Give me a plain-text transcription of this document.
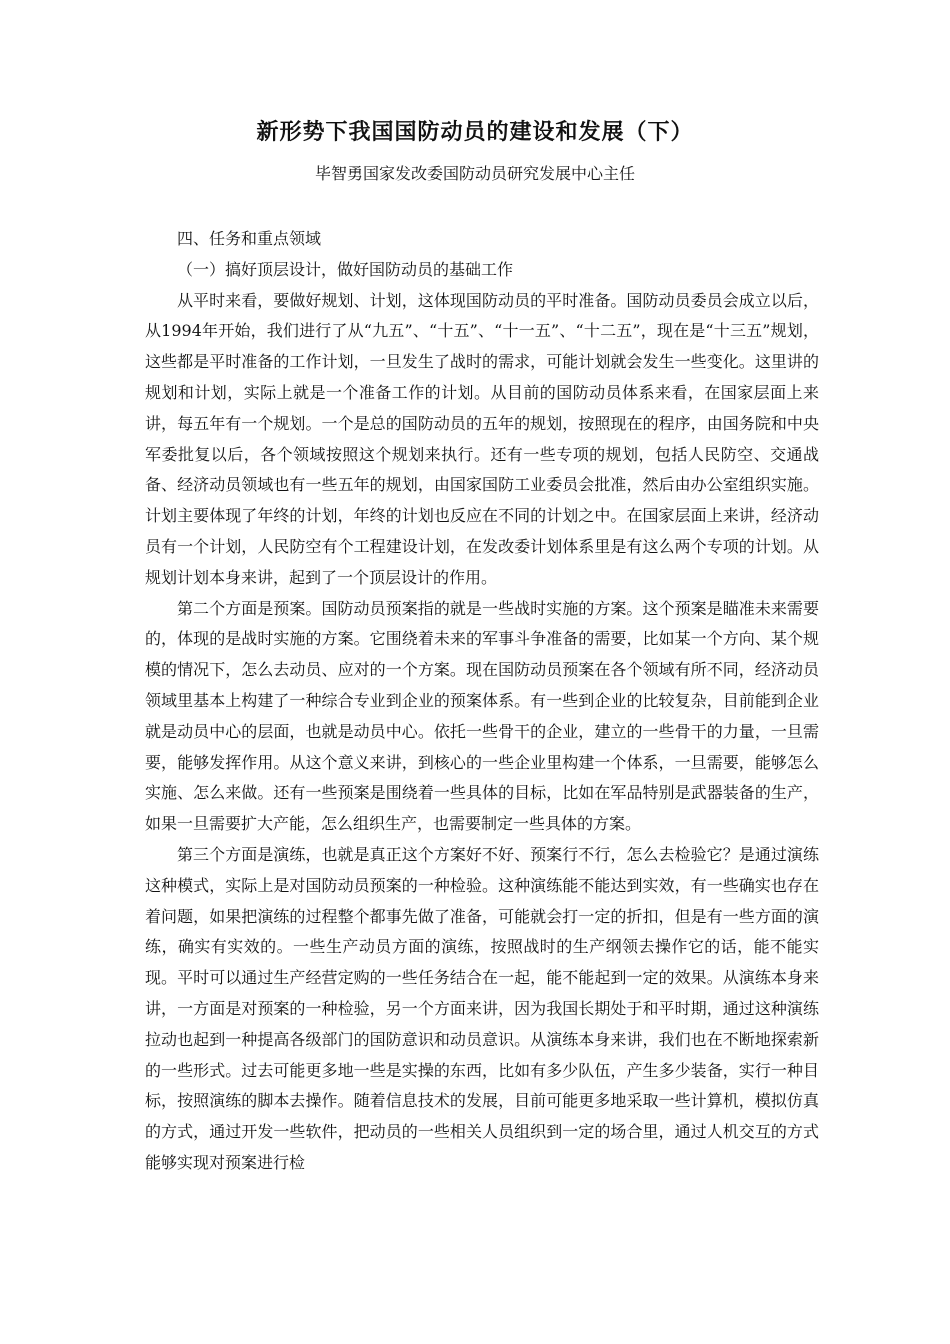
新形势下我国国防动员的建设和发展（下）

毕智勇国家发改委国防动员研究发展中心主任

四、任务和重点领域

（一）搞好顶层设计，做好国防动员的基础工作

从平时来看，要做好规划、计划，这体现国防动员的平时准备。国防动员委员会成立以后，从1994年开始，我们进行了从“九五”、“十五”、“十一五”、“十二五”，现在是“十三五”规划，这些都是平时准备的工作计划，一旦发生了战时的需求，可能计划就会发生一些变化。这里讲的规划和计划，实际上就是一个准备工作的计划。从目前的国防动员体系来看，在国家层面上来讲，每五年有一个规划。一个是总的国防动员的五年的规划，按照现在的程序，由国务院和中央军委批复以后，各个领域按照这个规划来执行。还有一些专项的规划，包括人民防空、交通战备、经济动员领域也有一些五年的规划，由国家国防工业委员会批准，然后由办公室组织实施。计划主要体现了年终的计划，年终的计划也反应在不同的计划之中。在国家层面上来讲，经济动员有一个计划，人民防空有个工程建设计划，在发改委计划体系里是有这么两个专项的计划。从规划计划本身来讲，起到了一个顶层设计的作用。

第二个方面是预案。国防动员预案指的就是一些战时实施的方案。这个预案是瞄准未来需要的，体现的是战时实施的方案。它围绕着未来的军事斗争准备的需要，比如某一个方向、某个规模的情况下，怎么去动员、应对的一个方案。现在国防动员预案在各个领域有所不同，经济动员领域里基本上构建了一种综合专业到企业的预案体系。有一些到企业的比较复杂，目前能到企业就是动员中心的层面，也就是动员中心。依托一些骨干的企业，建立的一些骨干的力量，一旦需要，能够发挥作用。从这个意义来讲，到核心的一些企业里构建一个体系，一旦需要，能够怎么实施、怎么来做。还有一些预案是围绕着一些具体的目标，比如在军品特别是武器装备的生产，如果一旦需要扩大产能，怎么组织生产，也需要制定一些具体的方案。

第三个方面是演练，也就是真正这个方案好不好、预案行不行，怎么去检验它？是通过演练这种模式，实际上是对国防动员预案的一种检验。这种演练能不能达到实效，有一些确实也存在着问题，如果把演练的过程整个都事先做了准备，可能就会打一定的折扣，但是有一些方面的演练，确实有实效的。一些生产动员方面的演练，按照战时的生产纲领去操作它的话，能不能实现。平时可以通过生产经营定购的一些任务结合在一起，能不能起到一定的效果。从演练本身来讲，一方面是对预案的一种检验，另一个方面来讲，因为我国长期处于和平时期，通过这种演练拉动也起到一种提高各级部门的国防意识和动员意识。从演练本身来讲，我们也在不断地探索新的一些形式。过去可能更多地一些是实操的东西，比如有多少队伍，产生多少装备，实行一种目标，按照演练的脚本去操作。随着信息技术的发展，目前可能更多地采取一些计算机，模拟仿真的方式，通过开发一些软件，把动员的一些相关人员组织到一定的场合里，通过人机交互的方式能够实现对预案进行检
